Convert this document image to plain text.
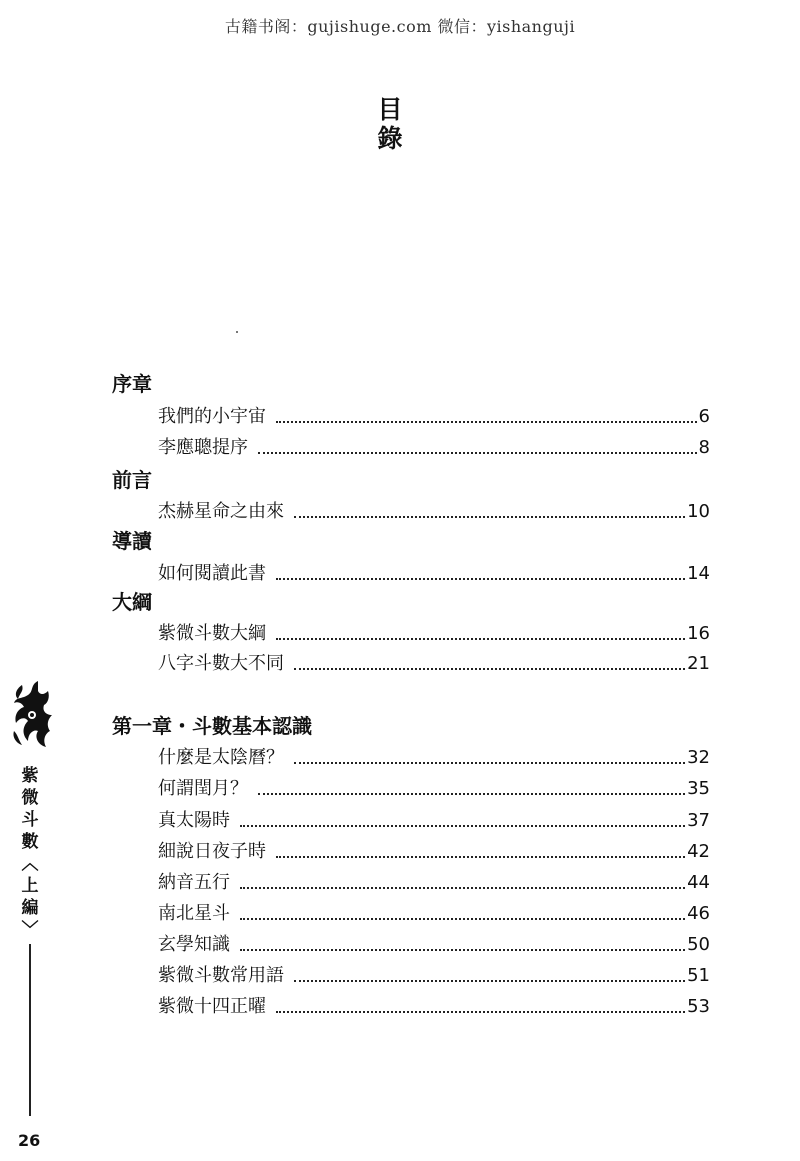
古籍书阁：gujishuge.com 微信：yishanguji
目
錄
序章
我們的小宇宙	6
李應聰提序	8
前言
杰赫星命之由來	10
導讀
如何閱讀此書	14
大綱
紫微斗數大綱	16
八字斗數大不同	21
第一章・斗數基本認識
什麼是太陰曆？	32
何謂閏月？	35
真太陽時	37
細說日夜子時	42
納音五行	44
南北星斗	46
玄學知識	50
紫微斗數常用語	51
紫微十四正曜	53
紫
微
斗
數
︿
上
編
﹀
26
